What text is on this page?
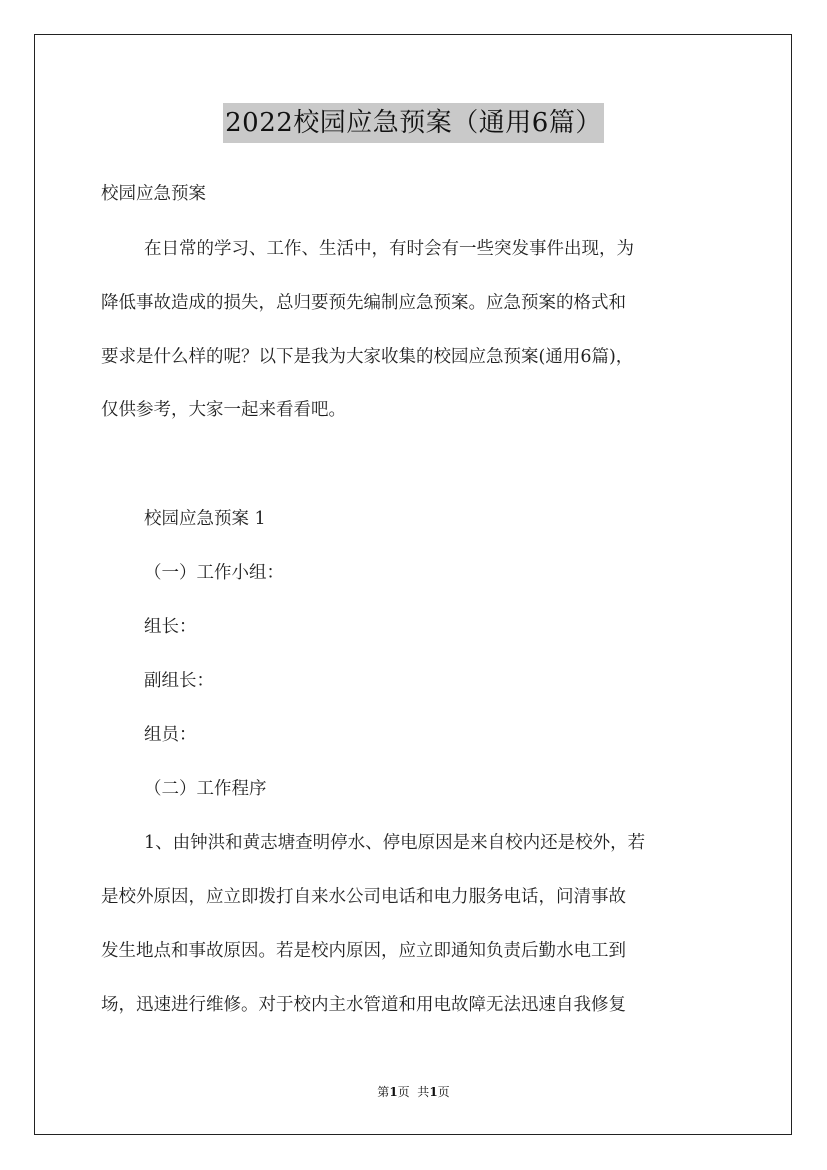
2022校园应急预案（通用6篇）
校园应急预案
在日常的学习、工作、生活中，有时会有一些突发事件出现，为
降低事故造成的损失，总归要预先编制应急预案。应急预案的格式和
要求是什么样的呢？以下是我为大家收集的校园应急预案(通用6篇)，
仅供参考，大家一起来看看吧。
校园应急预案 1
（一）工作小组：
组长：
副组长：
组员：
（二）工作程序
1、由钟洪和黄志塘查明停水、停电原因是来自校内还是校外，若
是校外原因，应立即拨打自来水公司电话和电力服务电话，问清事故
发生地点和事故原因。若是校内原因，应立即通知负责后勤水电工到
场，迅速进行维修。对于校内主水管道和用电故障无法迅速自我修复
第1页  共1页
